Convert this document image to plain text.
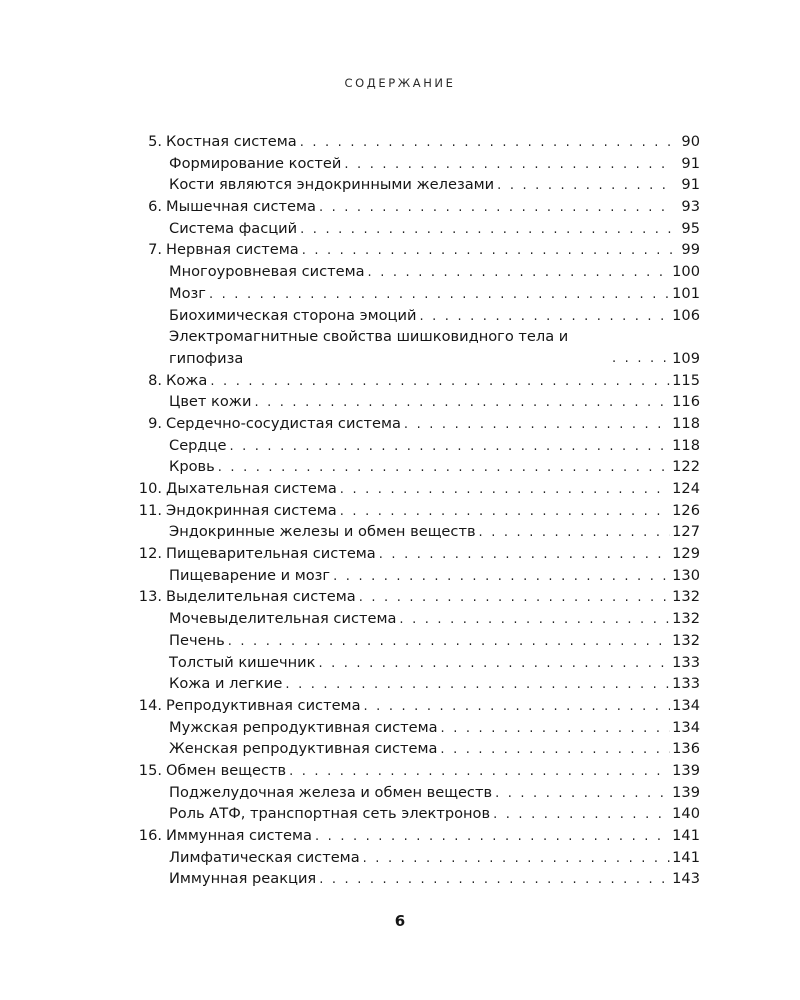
СОДЕРЖАНИЕ
5. Костная система . . .	90
Формирование костей . . .	91
Кости являются эндокринными железами . . .	91
6. Мышечная система . . .	93
Система фасций . . .	95
7. Нервная система . . .	99
Многоуровневая система . . .	100
Мозг . . .	101
Биохимическая сторона эмоций . . .	106
Электромагнитные свойства шишковидного тела и гипофиза . . .	109
8. Кожа . . .	115
Цвет кожи . . .	116
9. Сердечно-сосудистая система . . .	118
Сердце . . .	118
Кровь . . .	122
10. Дыхательная система . . .	124
11. Эндокринная система . . .	126
Эндокринные железы и обмен веществ . . .	127
12. Пищеварительная система . . .	129
Пищеварение и мозг . . .	130
13. Выделительная система . . .	132
Мочевыделительная система . . .	132
Печень . . .	132
Толстый кишечник . . .	133
Кожа и легкие . . .	133
14. Репродуктивная система . . .	134
Мужская репродуктивная система . . .	134
Женская репродуктивная система . . .	136
15. Обмен веществ . . .	139
Поджелудочная железа и обмен веществ . . .	139
Роль АТФ, транспортная сеть электронов . . .	140
16. Иммунная система . . .	141
Лимфатическая система . . .	141
Иммунная реакция . . .	143
6
